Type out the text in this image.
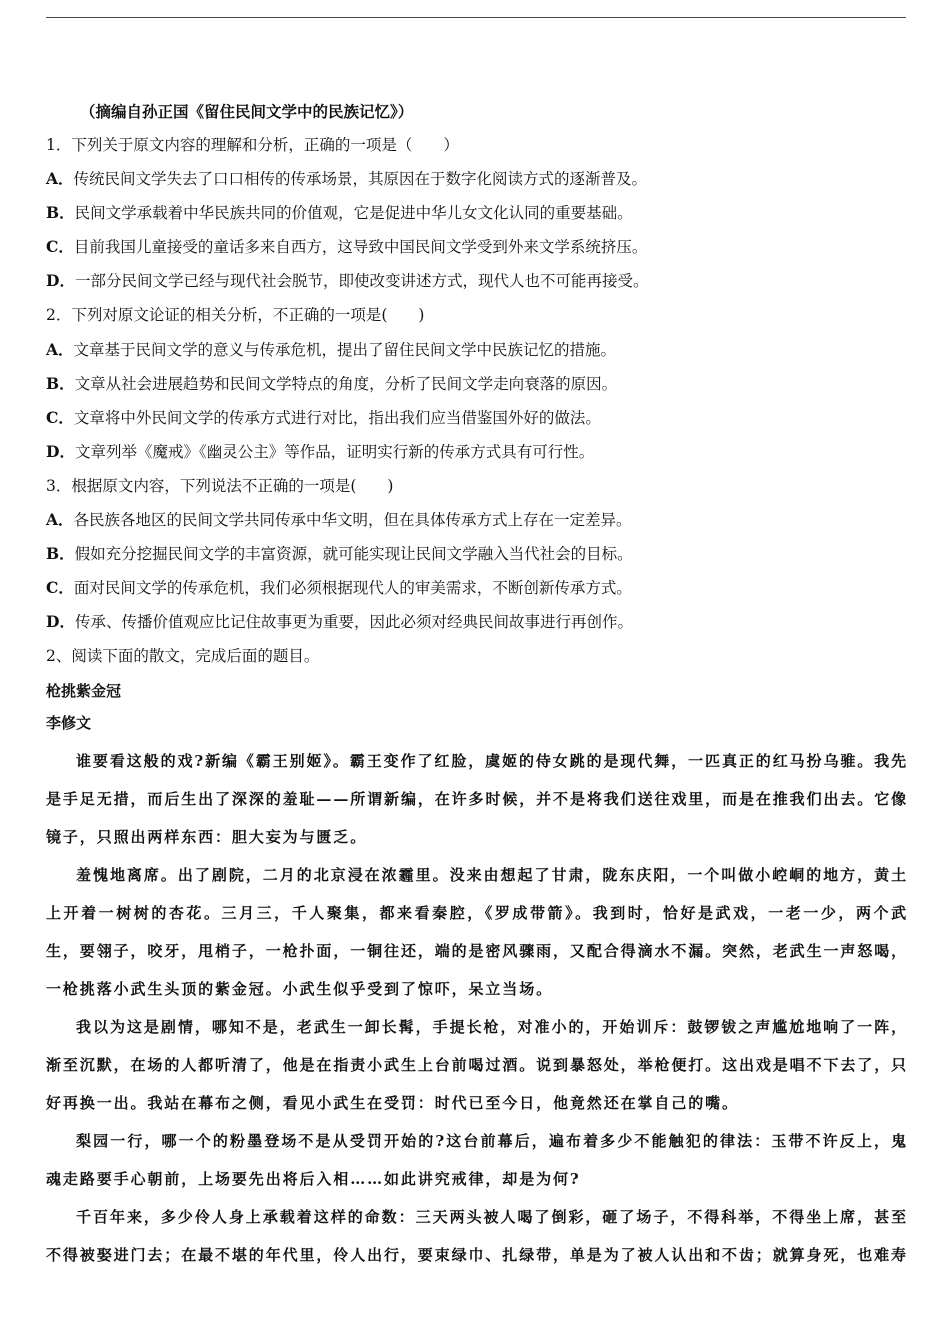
（摘编自孙正国《留住民间文学中的民族记忆》）
1．下列关于原文内容的理解和分析，正确的一项是（　　）
A．传统民间文学失去了口口相传的传承场景，其原因在于数字化阅读方式的逐渐普及。
B．民间文学承载着中华民族共同的价值观，它是促进中华儿女文化认同的重要基础。
C．目前我国儿童接受的童话多来自西方，这导致中国民间文学受到外来文学系统挤压。
D．一部分民间文学已经与现代社会脱节，即使改变讲述方式，现代人也不可能再接受。
2．下列对原文论证的相关分析，不正确的一项是(　　)
A．文章基于民间文学的意义与传承危机，提出了留住民间文学中民族记忆的措施。
B．文章从社会进展趋势和民间文学特点的角度，分析了民间文学走向衰落的原因。
C．文章将中外民间文学的传承方式进行对比，指出我们应当借鉴国外好的做法。
D．文章列举《魔戒》《幽灵公主》等作品，证明实行新的传承方式具有可行性。
3．根据原文内容，下列说法不正确的一项是(　　)
A．各民族各地区的民间文学共同传承中华文明，但在具体传承方式上存在一定差异。
B．假如充分挖掘民间文学的丰富资源，就可能实现让民间文学融入当代社会的目标。
C．面对民间文学的传承危机，我们必须根据现代人的审美需求，不断创新传承方式。
D．传承、传播价值观应比记住故事更为重要，因此必须对经典民间故事进行再创作。
2、阅读下面的散文，完成后面的题目。
枪挑紫金冠
李修文

谁要看这般的戏?新编《霸王别姬》。霸王变作了红脸，虞姬的侍女跳的是现代舞，一匹真正的红马扮乌骓。我先是手足无措，而后生出了深深的羞耻——所谓新编，在许多时候，并不是将我们送往戏里，而是在推我们出去。它像镜子，只照出两样东西：胆大妄为与匮乏。

羞愧地离席。出了剧院，二月的北京浸在浓霾里。没来由想起了甘肃，陇东庆阳，一个叫做小崆峒的地方，黄土上开着一树树的杏花。三月三，千人聚集，都来看秦腔，《罗成带箭》。我到时，恰好是武戏，一老一少，两个武生，要翎子，咬牙，甩梢子，一枪扑面，一铜往还，端的是密风骤雨，又配合得滴水不漏。突然，老武生一声怒喝，一枪挑落小武生头顶的紫金冠。小武生似乎受到了惊吓，呆立当场。

我以为这是剧情，哪知不是，老武生一卸长髯，手提长枪，对准小的，开始训斥：鼓锣钹之声尴尬地响了一阵，渐至沉默，在场的人都听清了，他是在指责小武生上台前喝过酒。说到暴怒处，举枪便打。这出戏是唱不下去了，只好再换一出。我站在幕布之侧，看见小武生在受罚：时代已至今日，他竟然还在掌自己的嘴。

梨园一行，哪一个的粉墨登场不是从受罚开始的?这台前幕后，遍布着多少不能触犯的律法：玉带不许反上，鬼魂走路要手心朝前，上场要先出将后入相……如此讲究戒律，却是为何?

千百年来，多少伶人身上承载着这样的命数：三天两头被人喝了倒彩，砸了场子，不得科举，不得坐上席，甚至不得被娶进门去；在最不堪的年代里，伶人出行，要束绿巾、扎绿带，单是为了被人认出和不齿；就算身死，也难寿
